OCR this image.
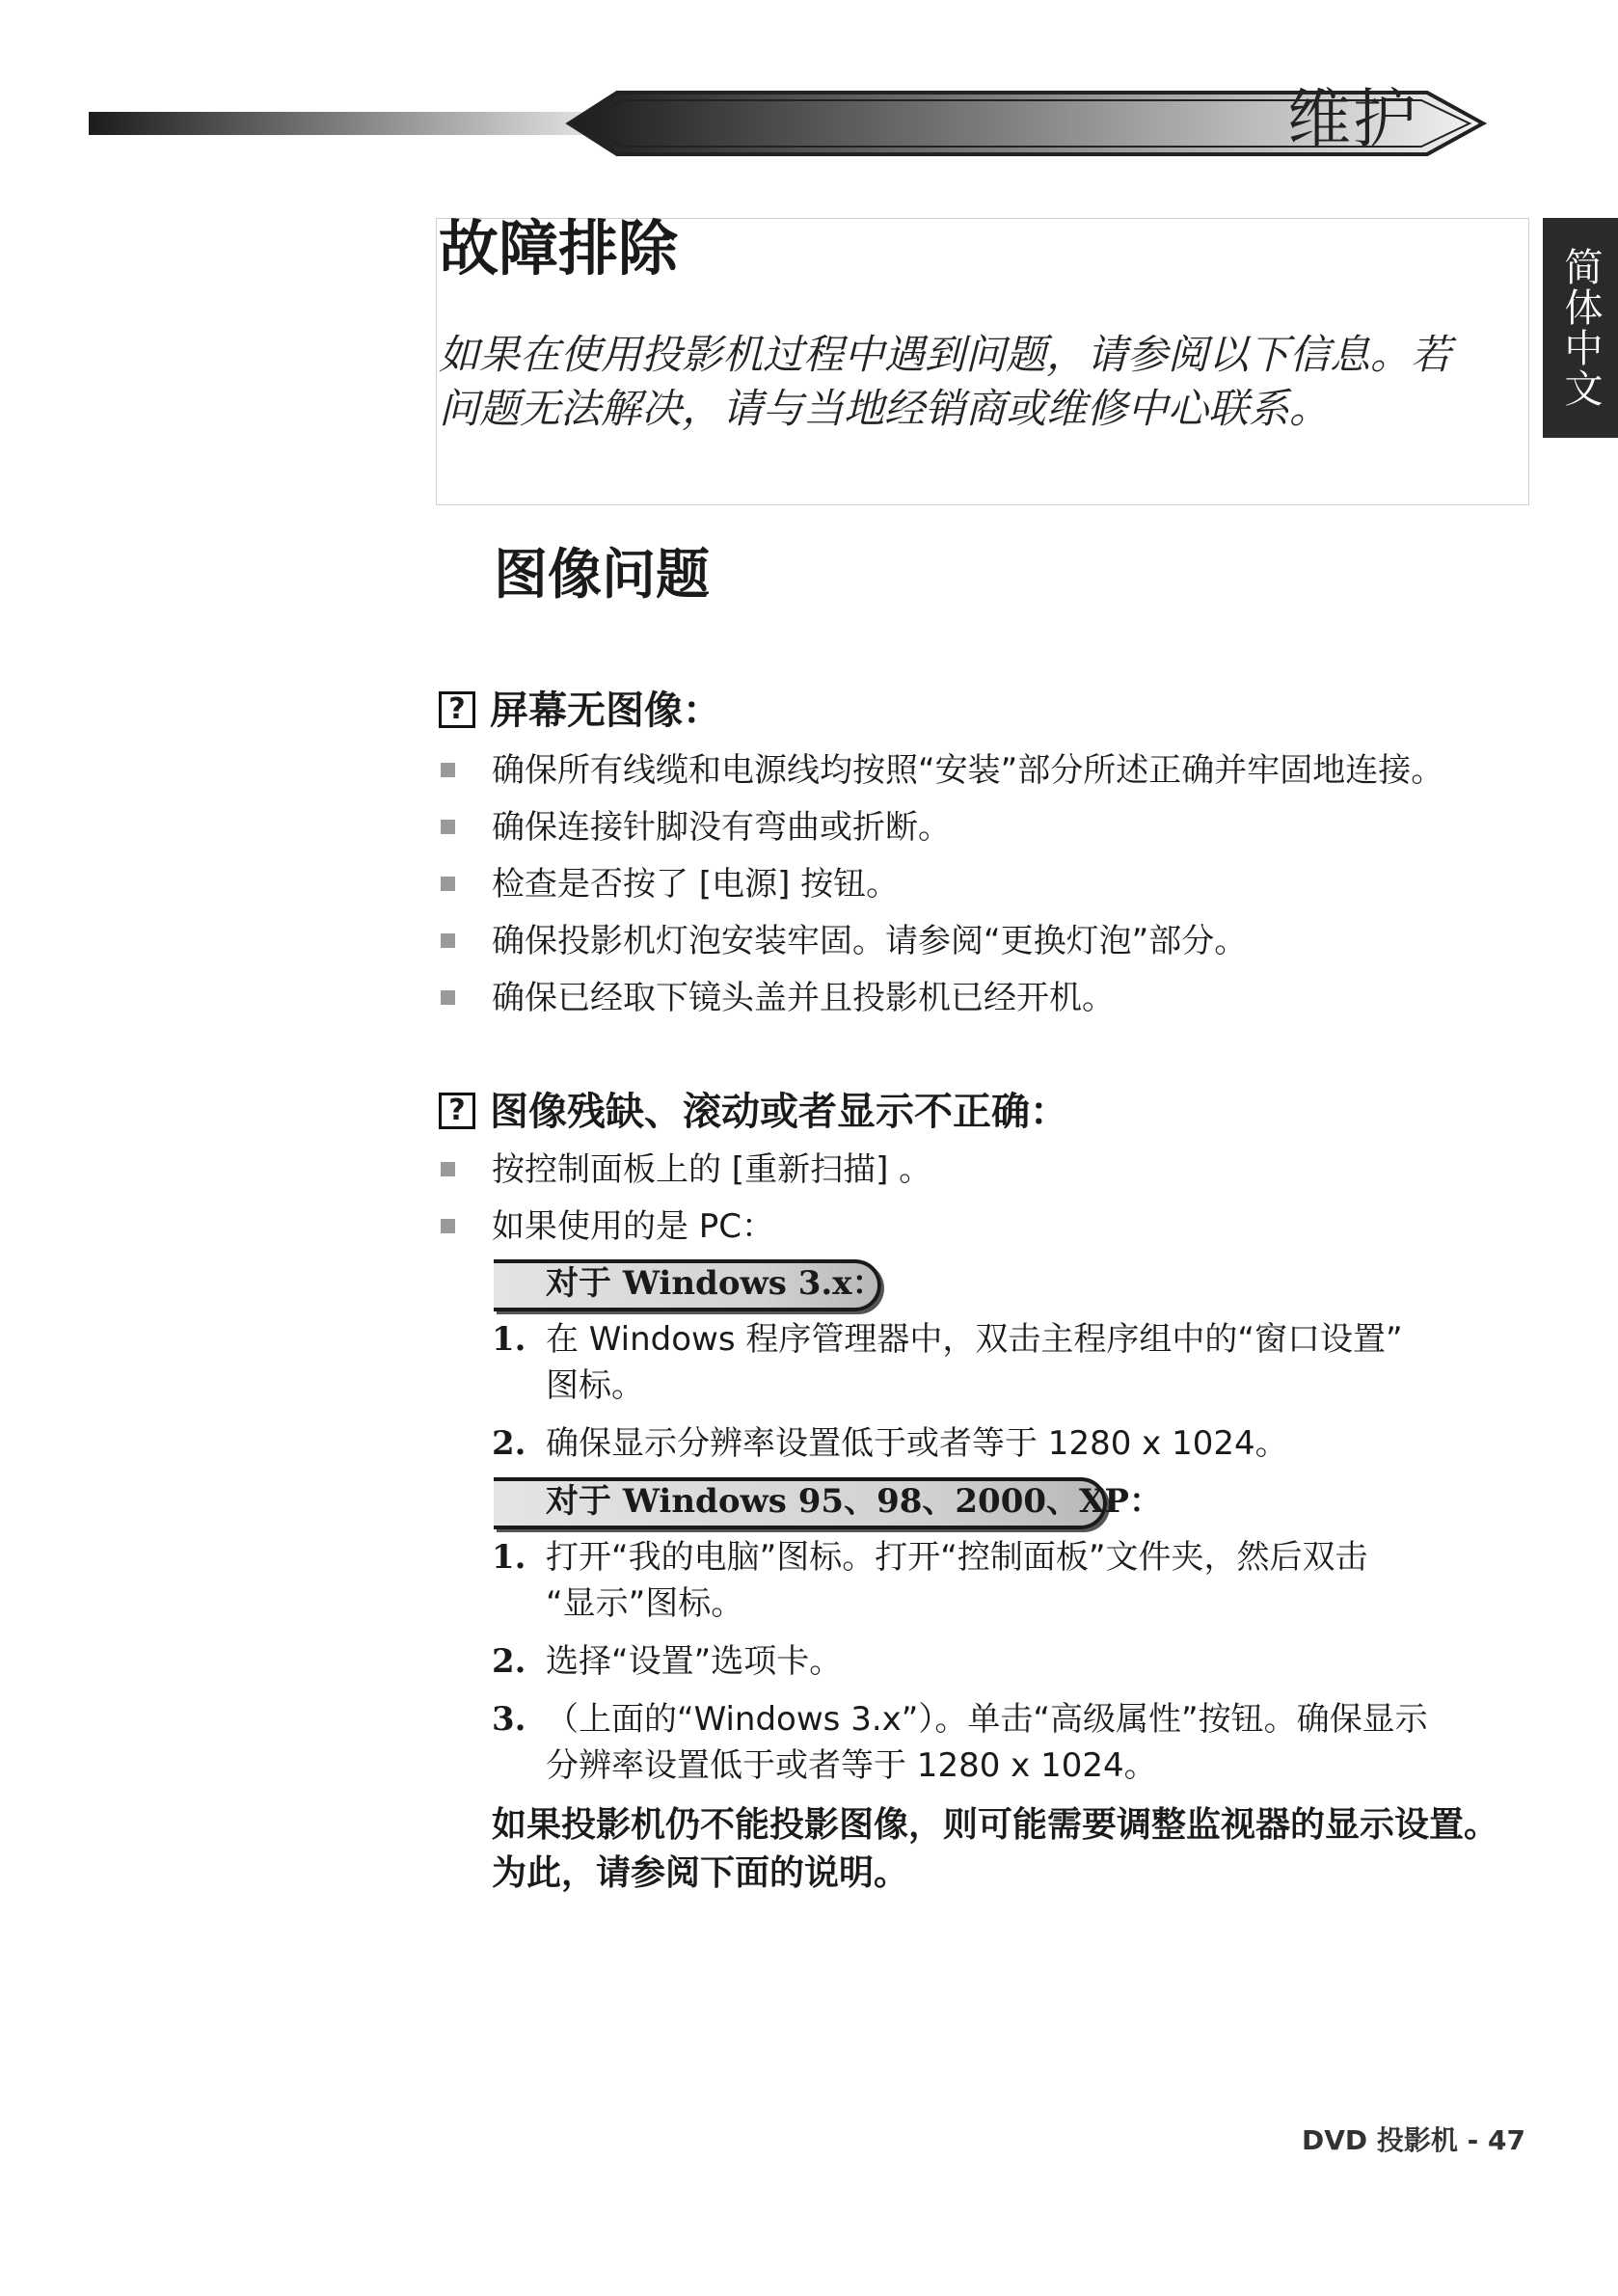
维护
简体中文
故障排除
如果在使用投影机过程中遇到问题，请参阅以下信息。若
问题无法解决，请与当地经销商或维修中心联系。
图像问题
? 屏幕无图像：
确保所有线缆和电源线均按照“安装”部分所述正确并牢固地连接。
确保连接针脚没有弯曲或折断。
检查是否按了 [电源] 按钮。
确保投影机灯泡安装牢固。请参阅“更换灯泡”部分。
确保已经取下镜头盖并且投影机已经开机。
? 图像残缺、滚动或者显示不正确：
按控制面板上的 [重新扫描] 。
如果使用的是 PC：
对于 Windows 3.x：
1. 在 Windows 程序管理器中，双击主程序组中的“窗口设置”
图标。
2. 确保显示分辨率设置低于或者等于 1280 x 1024。
对于 Windows 95、98、2000、XP：
1. 打开“我的电脑”图标。打开“控制面板”文件夹，然后双击
“显示”图标。
2. 选择“设置”选项卡。
3. （上面的“Windows 3.x”）。单击“高级属性”按钮。确保显示
分辨率设置低于或者等于 1280 x 1024。
如果投影机仍不能投影图像，则可能需要调整监视器的显示设置。
为此，请参阅下面的说明。
DVD 投影机 - 47
